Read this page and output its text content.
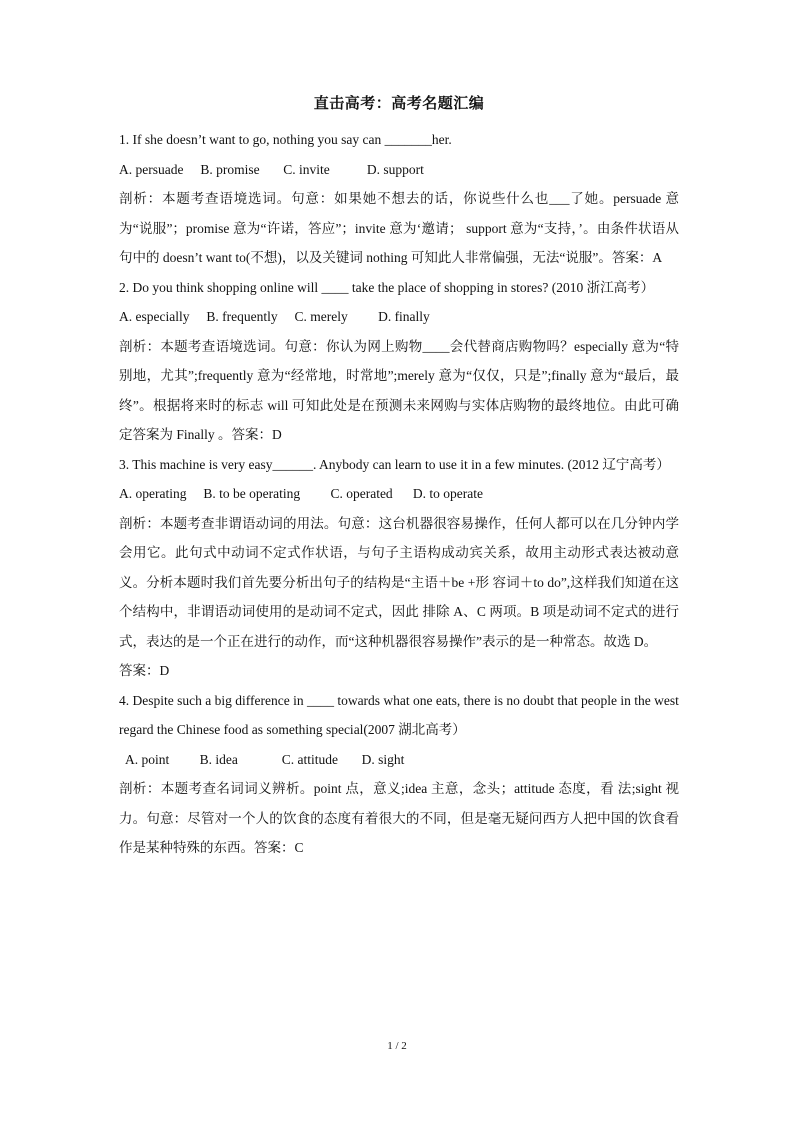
直击高考：高考名题汇编

1. If she doesn’t want to go, nothing you say can _______her.

A. persuade     B. promise       C. invite           D. support

剖析：本题考查语境选词。句意：如果她不想去的话，你说些什么也___了她。persuade 意为“说服”；promise 意为“许诺，答应”；invite 意为‘邀请； support 意为“支持，’。由条件状语从句中的 doesn’t want to(不想)，以及关键词 nothing 可知此人非常偏强，无法“说服”。答案：A

2. Do you think shopping online will ____ take the place of shopping in stores? (2010 浙江高考）

A. especially     B. frequently     C. merely         D. finally

剖析：本题考查语境选词。句意：你认为网上购物____会代替商店购物吗？especially 意为“特别地，尤其”;frequently 意为“经常地，时常地”;merely 意为“仅仅，只是”;finally 意为“最后，最终”。根据将来时的标志 will 可知此处是在预测未来网购与实体店购物的最终地位。由此可确定答案为 Finally 。答案：D

3. This machine is very easy______. Anybody can learn to use it in a few minutes. (2012 辽宁高考）

A. operating     B. to be operating         C. operated      D. to operate

剖析：本题考查非谓语动词的用法。句意：这台机器很容易操作，任何人都可以在几分钟内学会用它。此句式中动词不定式作状语，与句子主语构成动宾关系，故用主动形式表达被动意义。分析本题时我们首先要分析出句子的结构是“主语＋be +形 容词＋to do”,这样我们知道在这个结构中，非谓语动词使用的是动词不定式，因此 排除 A、C 两项。B 项是动词不定式的进行式，表达的是一个正在进行的动作，而“这种机器很容易操作”表示的是一种常态。故选 D。

答案：D

4. Despite such a big difference in ____ towards what one eats, there is no doubt that people in the west regard the Chinese food as something special(2007 湖北高考）

A. point         B. idea             C. attitude       D. sight

剖析：本题考查名词词义辨析。point 点，意义;idea 主意，念头；attitude 态度，看 法;sight 视力。句意：尽管对一个人的饮食的态度有着很大的不同，但是毫无疑问西方人把中国的饮食看作是某种特殊的东西。答案：C

1 / 2
